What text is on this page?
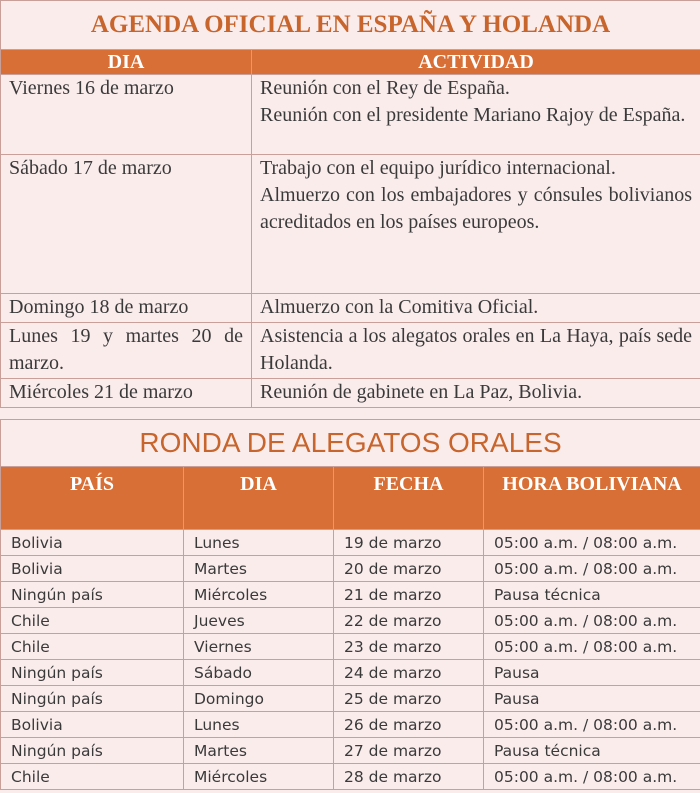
AGENDA OFICIAL EN ESPAÑA Y HOLANDA	
DIA	ACTIVIDAD
Viernes 16 de marzo	Reunión con el Rey de España.

Reunión con el presidente Mariano Rajoy de España.

Sábado 17 de marzo	Trabajo con el equipo jurídico internacional.

Almuerzo con los embajadores y cónsules bolivianos acreditados en los países europeos.

Domingo 18 de marzo	Almuerzo con la Comitiva Oficial.

Lunes 19 y martes 20 de marzo.	Asistencia a los alegatos orales en La Haya, país sede Holanda.

Miércoles 21 de marzo	Reunión de gabinete en La Paz, Bolivia.

RONDA DE ALEGATOS ORALES			
PAÍS	DIA	FECHA	HORA BOLIVIANA
Bolivia	Lunes	19 de marzo	05:00 a.m. / 08:00 a.m.
Bolivia	Martes	20 de marzo	05:00 a.m. / 08:00 a.m.
Ningún país	Miércoles	21 de marzo	Pausa técnica
Chile	Jueves	22 de marzo	05:00 a.m. / 08:00 a.m.
Chile	Viernes	23 de marzo	05:00 a.m. / 08:00 a.m.
Ningún país	Sábado	24 de marzo	Pausa
Ningún país	Domingo	25 de marzo	Pausa
Bolivia	Lunes	26 de marzo	05:00 a.m. / 08:00 a.m.
Ningún país	Martes	27 de marzo	Pausa técnica
Chile	Miércoles	28 de marzo	05:00 a.m. / 08:00 a.m.
